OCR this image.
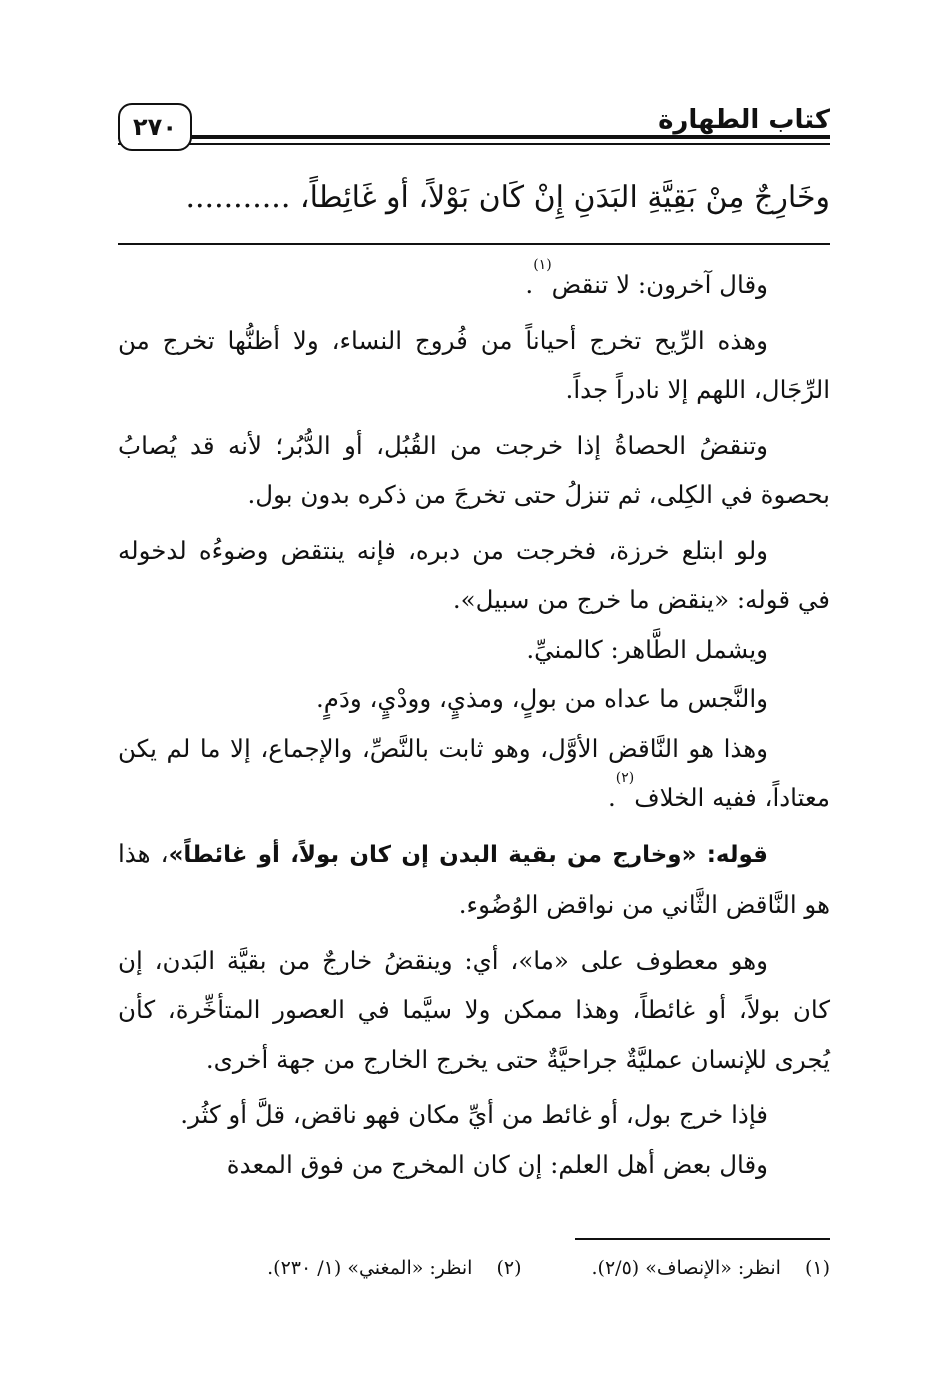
٢٧٠	كتاب الطهارة
وخَارِجٌ مِنْ بَقِيَّةِ البَدَنِ إِنْ كَان بَوْلاً، أو غَائِطاً، ...........

وقال آخرون: لا تنقض$^{(١)}$.

وهذه الرِّيح تخرج أحياناً من فُروج النساء، ولا أظنُّها تخرج من الرِّجَال، اللهم إلا نادراً جداً.

وتنقضُ الحصاةُ إذا خرجت من القُبُل، أو الدُّبُر؛ لأنه قد يُصابُ بحصوة في الكِلى، ثم تنزلُ حتى تخرجَ من ذكره بدون بول.

ولو ابتلع خرزة، فخرجت من دبره، فإنه ينتقض وضوءُه لدخوله في قوله: «ينقض ما خرج من سبيل».

ويشمل الطَّاهر: كالمنيِّ.

والنَّجس ما عداه من بولٍ، ومذيٍ، وودْيٍ، ودَمٍ.

وهذا هو النَّاقض الأوَّل، وهو ثابت بالنَّصِّ، والإجماع، إلا ما لم يكن معتاداً، ففيه الخلاف$^{(٢)}$.

قوله: «وخارج من بقية البدن إن كان بولاً، أو غائطاً»، هذا هو النَّاقض الثَّاني من نواقض الوُضُوء.

وهو معطوف على «ما»، أي: وينقضُ خارجٌ من بقيَّة البَدن، إن كان بولاً، أو غائطاً، وهذا ممكن ولا سيَّما في العصور المتأخِّرة، كأن يُجرى للإنسان عمليَّةٌ جراحيَّةٌ حتى يخرج الخارج من جهة أخرى.

فإذا خرج بول، أو غائط من أيِّ مكان فهو ناقض، قلَّ أو كثُر.

وقال بعض أهل العلم: إن كان المخرج من فوق المعدة

(١)انظر: «الإنصاف» (٢/٥).
(٢)انظر: «المغني» (١/ ٢٣٠).
